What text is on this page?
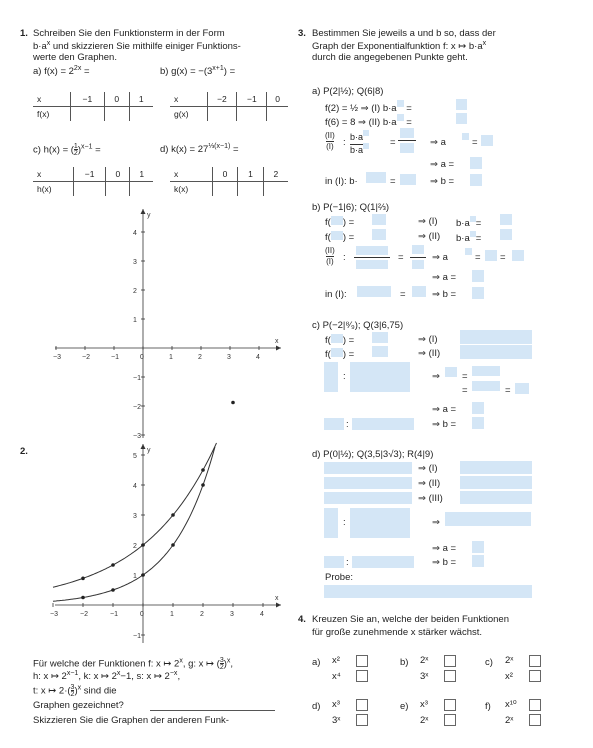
1. Schreiben Sie den Funktionsterm in der Form
$b\cdot a^x$ und skizzieren Sie mithilfe einiger Funktions-
werte den Graphen.
a) $f(x) = 2^{2x}$ =
x	−1	0	1
f(x)			
b) $g(x) = -(3^{x+1})$ =
x	−2	−1	0
g(x)			
c) $h(x) = (\frac{1}{2})^{x-1}$ =
x	−1	0	1
h(x)			
d) $k(x) = 27^{\frac{1}{3}(x-1)}$ =
x	0	1	2
k(x)			
x
y
−3	−2	−1	0	1	2	3	4
4
3
2
1
−1
−2
−3
2.
x
y
−3	−2	−1	0	1	2	3	4
5
4
3
2
1
−1
Für welche der Funktionen f: x ↦ 2$^x$, g: x ↦ $(\frac{3}{2})^x$,
h: x ↦ $2^{x-1}$, k: x ↦ $2^x-1$, s: x ↦ $2^{-x}$,
t: x ↦ $2\cdot(\frac{3}{2})^x$ sind die
Graphen gezeichnet?
Skizzieren Sie die Graphen der anderen Funk-
3. Bestimmen Sie jeweils a und b so, dass der
Graph der Exponentialfunktion f: x ↦ $b\cdot a^x$
durch die angegebenen Punkte geht.
a) P(2|½); Q(6|8)
f(2) = ½ ⇒ (I) b·a =
f(6) = 8 ⇒ (II) b·a =
(II)
(I) : b·a
b·a
=	⇒ a	=
⇒ a =
in (I): b·	=	⇒ b =
b) P(−1|6); Q(1|⅔)
f( ) =	⇒ (I) b·a =
f( ) =	⇒ (II) b·a =
(II)
(I) :	=	⇒ a	= =
⇒ a =
in (I):	=	⇒ b =
c) P(−2|⁸⁄₉); Q(3|6,75)
f( ) =	⇒ (I)
f( ) =	⇒ (II)
:	⇒ =
=	=
⇒ a =
:	⇒ b =
d) P(0|½); Q(3,5|3√3); R(4|9)
⇒ (I)
⇒ (II)
⇒ (III)
:	⇒
⇒ a =
:	⇒ b =
Probe:
4. Kreuzen Sie an, welche der beiden Funktionen
für große zunehmende x stärker wächst.
a) x²
x⁴
b) 2ˣ
3ˣ
c) 2ˣ
x²
d) x³
3ˣ
e) x³
2ˣ
f) x¹⁰
2ˣ
